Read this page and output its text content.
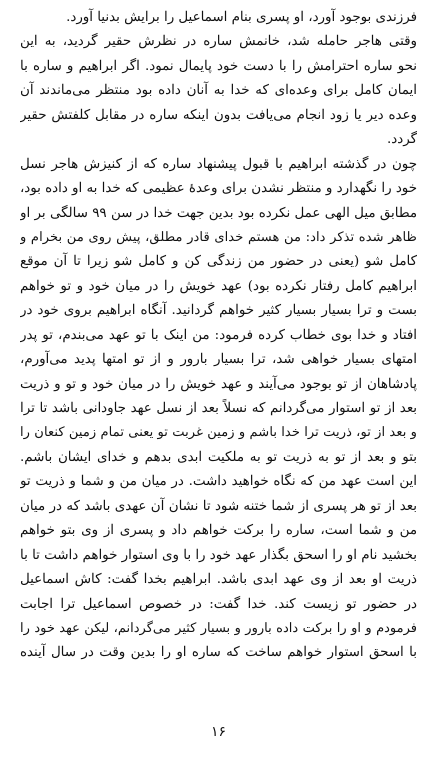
فرزندی بوجود آورد، او پسری بنام اسماعیل را برایش بدنیا آورد.

وقتی هاجر حامله شد، خانمش ساره در نظرش حقیر گردید، به این
نحو ساره احترامش را با دست خود پایمال نمود. اگر ابراهیم و ساره با
ایمان کامل برای وعده‌ای که خدا به آنان داده بود منتظر می‌ماندند آن
وعده دیر یا زود انجام می‌یافت بدون اینکه ساره در مقابل کلفتش حقیر
گردد.

چون در گذشته ابراهیم با قبول پیشنهاد ساره که از کنیزش هاجر نسل
خود را نگهدارد و منتظر نشدن برای وعدهٔ عظیمی که خدا به او داده بود،
مطابق میل الهی عمل نکرده بود بدین جهت خدا در سن ۹۹ سالگی بر او
ظاهر شده تذکر داد: من هستم خدای قادر مطلق، پیش روی من بخرام و
کامل شو (یعنی در حضور من زندگی کن و کامل شو زیرا تا آن موقع
ابراهیم کامل رفتار نکرده بود) عهد خویش را در میان خود و تو خواهم
بست و ترا بسیار بسیار کثیر خواهم گردانید. آنگاه ابراهیم بروی خود در
افتاد و خدا بوی خطاب کرده فرمود: من اینک با تو عهد می‌بندم، تو پدر
امتهای بسیار خواهی شد، ترا بسیار بارور و از تو امتها پدید می‌آورم،
پادشاهان از تو بوجود می‌آیند و عهد خویش را در میان خود و تو و ذریت
بعد از تو استوار می‌گردانم که نسلاً بعد از نسل عهد جاودانی باشد تا ترا
و بعد از تو، ذریت ترا خدا باشم و زمین غربت تو یعنی تمام زمین کنعان را
بتو و بعد از تو به ذریت تو به ملکیت ابدی بدهم و خدای ایشان باشم.
این است عهد من که نگاه خواهید داشت. در میان من و شما و ذریت تو
بعد از تو هر پسری از شما ختنه شود تا نشان آن عهدی باشد که در میان
من و شما است، ساره را برکت خواهم داد و پسری از وی بتو خواهم
بخشید نام او را اسحق بگذار عهد خود را با وی استوار خواهم داشت تا با
ذریت او بعد از وی عهد ابدی باشد. ابراهیم بخدا گفت: کاش اسماعیل
در حضور تو زیست کند. خدا گفت: در خصوص اسماعیل ترا اجابت
فرمودم و او را برکت داده بارور و بسیار کثیر می‌گردانم، لیکن عهد خود را
با اسحق استوار خواهم ساخت که ساره او را بدین وقت در سال آینده

۱۶
